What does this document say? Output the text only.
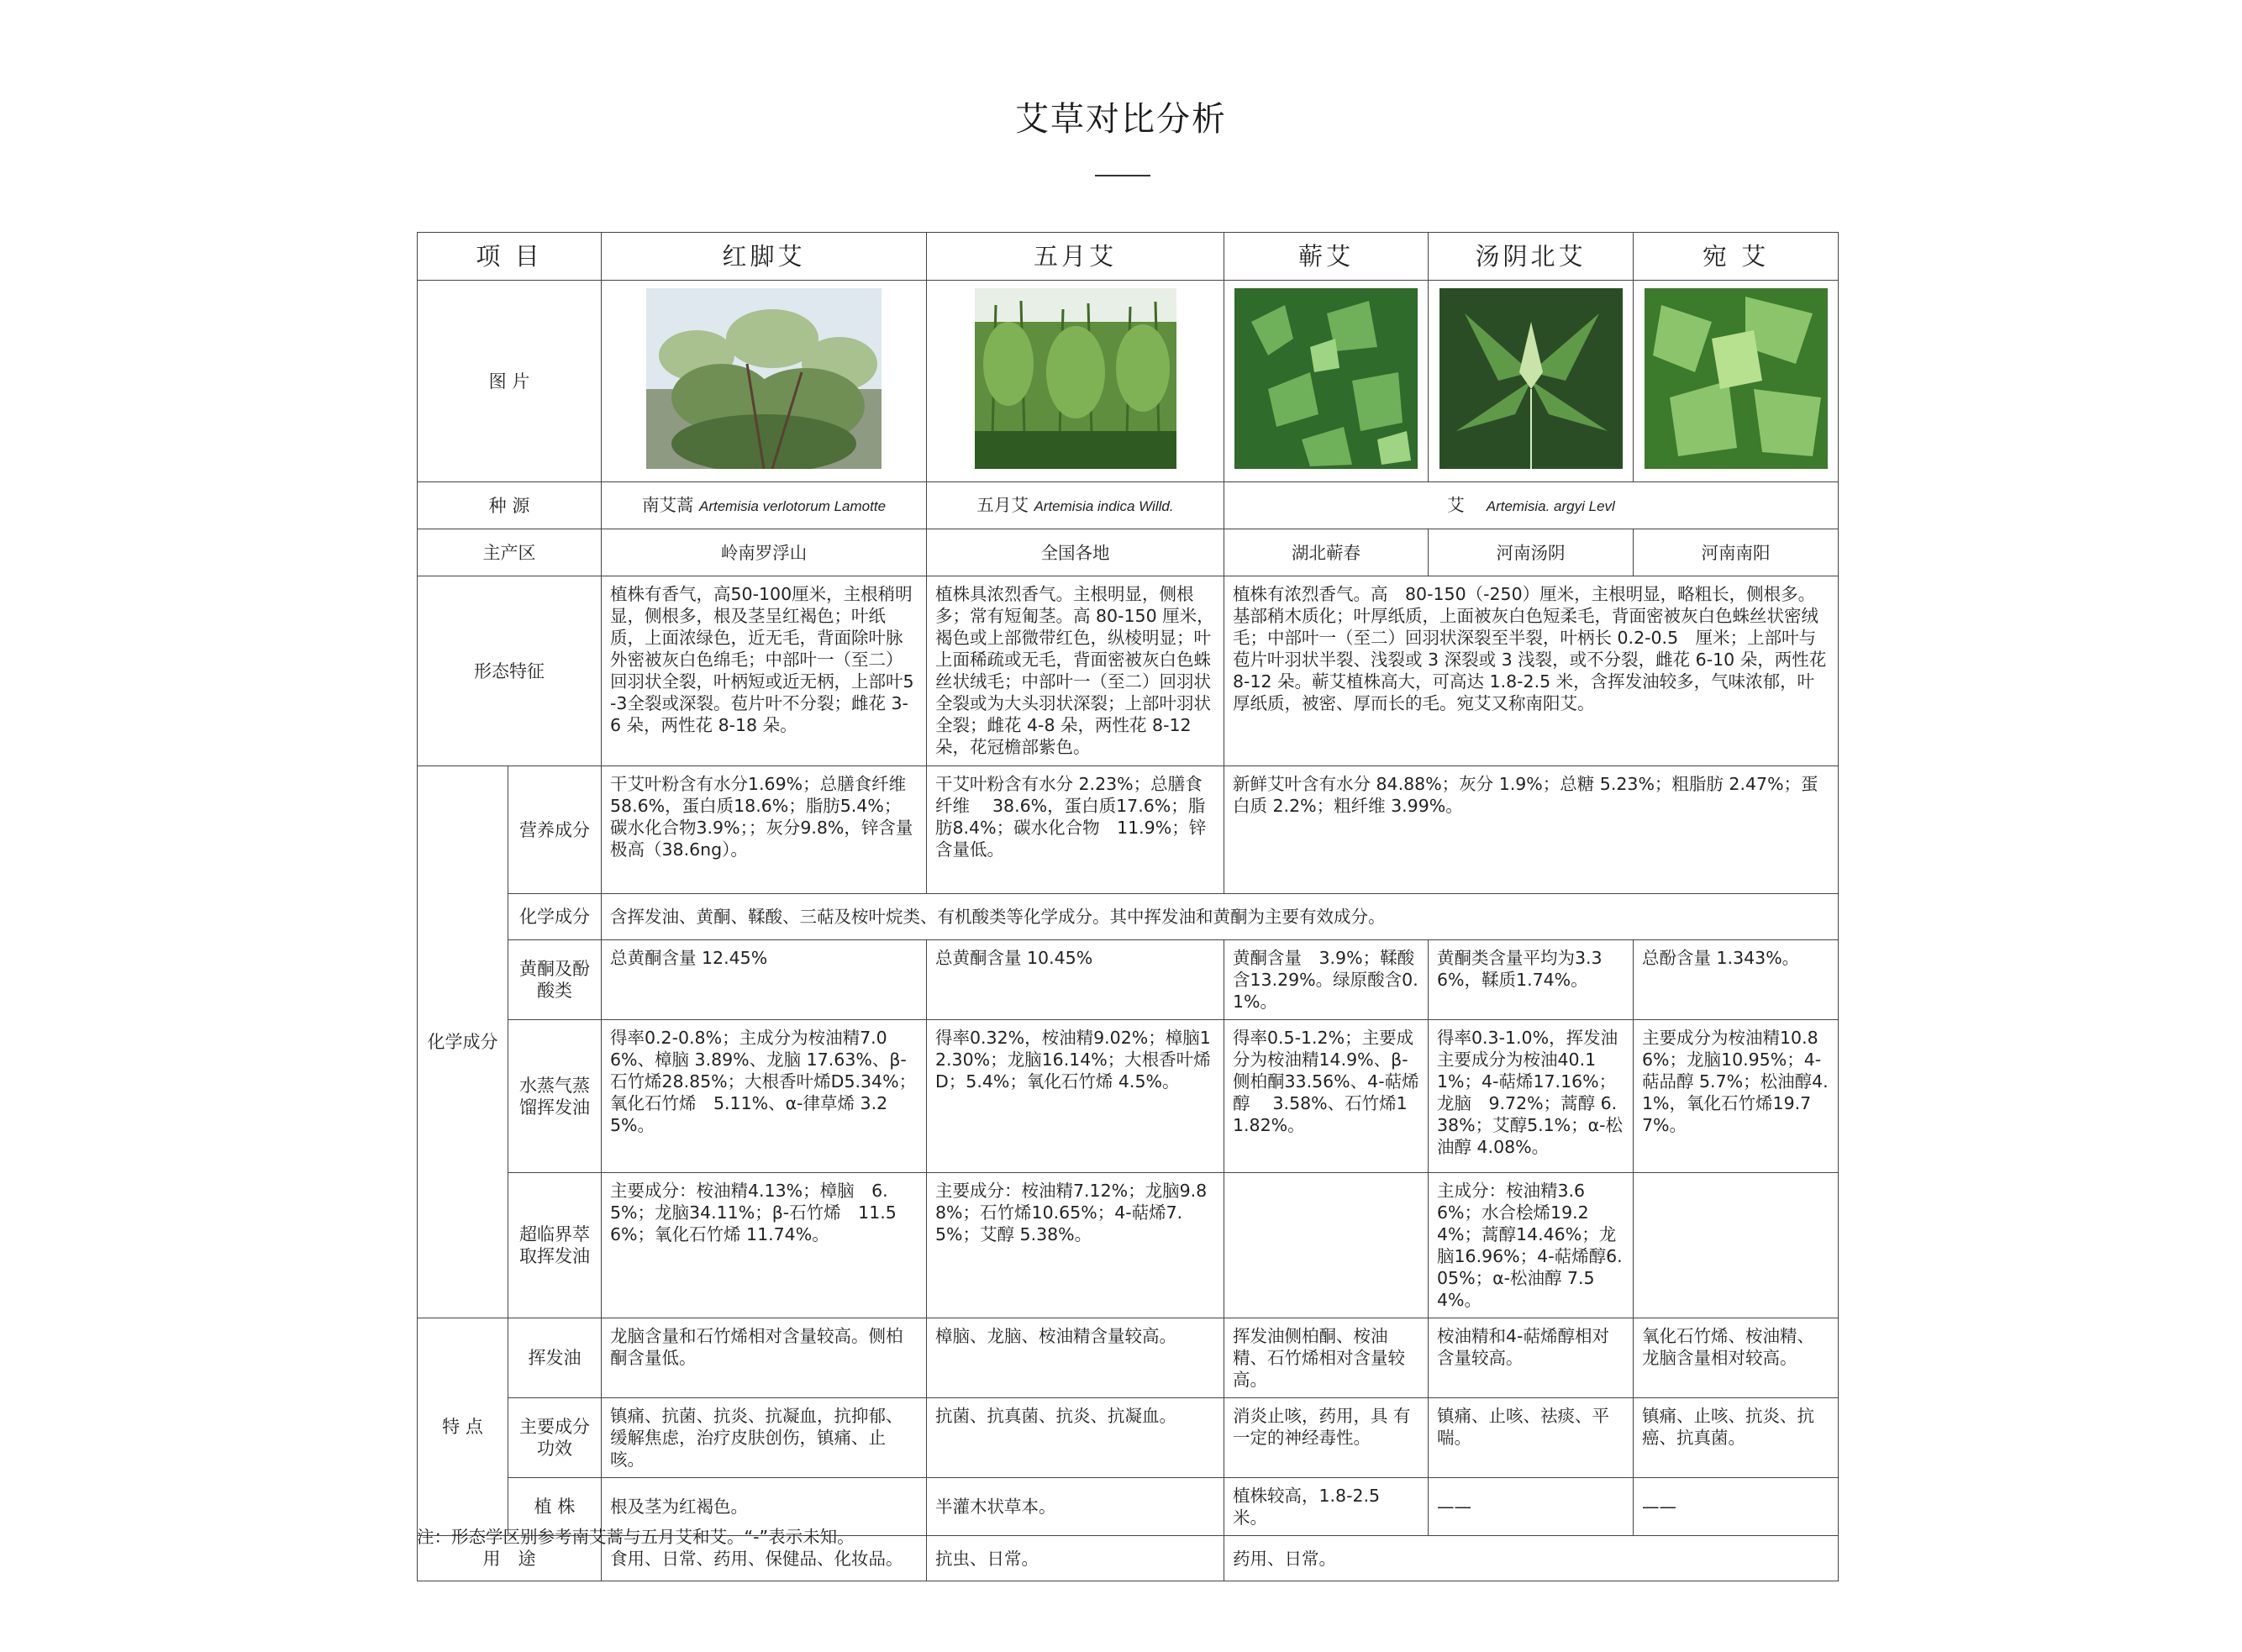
艾草对比分析
项 目		红脚艾	五月艾	蕲艾	汤阴北艾	宛 艾
图 片	

种 源		南艾蒿 Artemisia verlotorum Lamotte	五月艾 Artemisia indica Willd.	艾 Artemisia. argyi Levl		
主产区		岭南罗浮山	全国各地	湖北蕲春	河南汤阴	河南南阳
形态特征		植株有香气，高50-100厘米，主根稍明显，侧根多，根及茎呈红褐色；叶纸质，上面浓绿色，近无毛，背面除叶脉外密被灰白色绵毛；中部叶一（至二）回羽状全裂，叶柄短或近无柄，上部叶5-3全裂或深裂。苞片叶不分裂；雌花 3-6 朵，两性花 8-18 朵。	植株具浓烈香气。主根明显，侧根多；常有短匍茎。高 80-150 厘米，褐色或上部微带红色，纵棱明显；叶上面稀疏或无毛，背面密被灰白色蛛丝状绒毛；中部叶一（至二）回羽状全裂或为大头羽状深裂；上部叶羽状全裂；雌花 4-8 朵，两性花 8-12 朵，花冠檐部紫色。	植株有浓烈香气。高　80-150（-250）厘米，主根明显，略粗长，侧根多。基部稍木质化；叶厚纸质，上面被灰白色短柔毛，背面密被灰白色蛛丝状密绒毛；中部叶一（至二）回羽状深裂至半裂，叶柄长 0.2-0.5　厘米；上部叶与苞片叶羽状半裂、浅裂或 3 深裂或 3 浅裂，或不分裂，雌花 6-10 朵，两性花 8-12 朵。蕲艾植株高大，可高达 1.8-2.5 米，含挥发油较多，气味浓郁，叶厚纸质，被密、厚而长的毛。宛艾又称南阳艾。		
化学成分	营养成分	干艾叶粉含有水分1.69%；总膳食纤维　58.6%，蛋白质18.6%；脂肪5.4%；碳水化合物3.9%；；灰分9.8%，锌含量极高（38.6ng）。	干艾叶粉含有水分 2.23%；总膳食纤维　 38.6%，蛋白质17.6%；脂肪8.4%；碳水化合物　11.9%；锌含量低。	新鲜艾叶含有水分 84.88%；灰分 1.9%；总糖 5.23%；粗脂肪 2.47%；蛋白质 2.2%；粗纤维 3.99%。		
	化学成分	含挥发油、黄酮、鞣酸、三萜及桉叶烷类、有机酸类等化学成分。其中挥发油和黄酮为主要有效成分。				
	黄酮及酚酸类	总黄酮含量 12.45%	总黄酮含量 10.45%	黄酮含量　3.9%；鞣酸含13.29%。绿原酸含0.1%。	黄酮类含量平均为3.36%，鞣质1.74%。	总酚含量 1.343%。
	水蒸气蒸馏挥发油	得率0.2-0.8%；主成分为桉油精7.06%、樟脑 3.89%、龙脑 17.63%、β-石竹烯28.85%；大根香叶烯D5.34%；氧化石竹烯　5.11%、α-律草烯 3.25%。	得率0.32%，桉油精9.02%；樟脑12.30%；龙脑16.14%；大根香叶烯D；5.4%；氧化石竹烯 4.5%。	得率0.5-1.2%；主要成分为桉油精14.9%、β-侧柏酮33.56%、4-萜烯醇　 3.58%、石竹烯11.82%。	得率0.3-1.0%，挥发油主要成分为桉油40.11%；4-萜烯17.16%；龙脑　9.72%；蒿醇 6.38%；艾醇5.1%；α-松油醇 4.08%。	主要成分为桉油精10.86%；龙脑10.95%；4-萜品醇 5.7%；松油醇4.1%，氧化石竹烯19.77%。
	超临界萃取挥发油	主要成分：桉油精4.13%；樟脑　6.5%；龙脑34.11%；β-石竹烯　11.56%；氧化石竹烯 11.74%。	主要成分：桉油精7.12%；龙脑9.88%；石竹烯10.65%；4-萜烯7.5%；艾醇 5.38%。		主成分：桉油精3.66%；水合桧烯19.24%；蒿醇14.46%；龙脑16.96%；4-萜烯醇6.05%；α-松油醇 7.54%。	
特 点	挥发油	龙脑含量和石竹烯相对含量较高。侧柏酮含量低。	樟脑、龙脑、桉油精含量较高。	挥发油侧柏酮、桉油精、石竹烯相对含量较高。	桉油精和4-萜烯醇相对含量较高。	氧化石竹烯、桉油精、龙脑含量相对较高。
	主要成分功效	镇痛、抗菌、抗炎、抗凝血，抗抑郁、缓解焦虑，治疗皮肤创伤，镇痛、止咳。	抗菌、抗真菌、抗炎、抗凝血。	消炎止咳，药用，具 有一定的神经毒性。	镇痛、止咳、祛痰、平喘。	镇痛、止咳、抗炎、抗癌、抗真菌。
	植 株	根及茎为红褐色。	半灌木状草本。	植株较高，1.8-2.5 米。	——	——
用　途		食用、日常、药用、保健品、化妆品。	抗虫、日常。	药用、日常。		
注：形态学区别参考南艾蒿与五月艾和艾。“-”表示未知。
